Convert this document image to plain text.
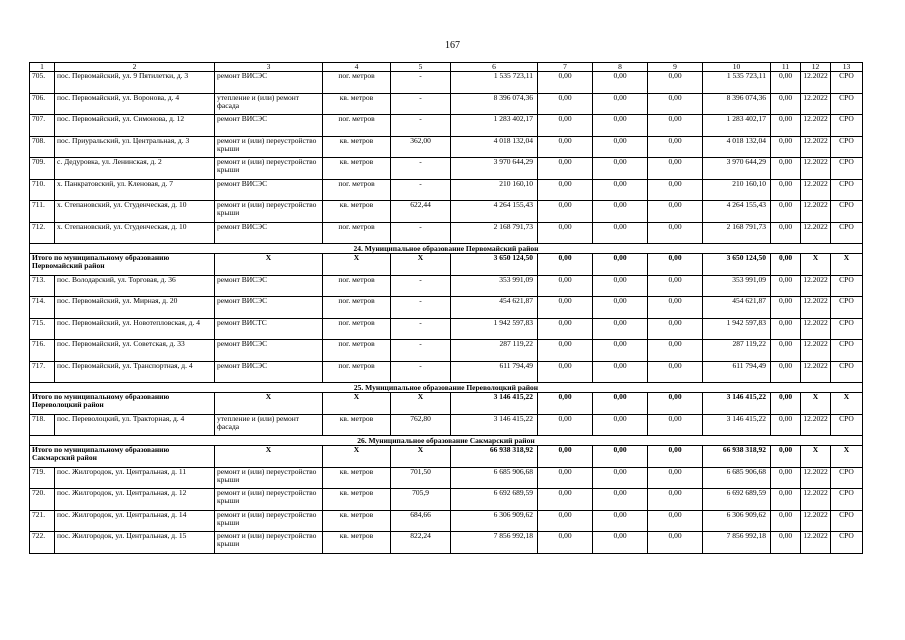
167
1	2	3	4	5	6	7	8	9	10	11	12	13
705.	пос. Первомайский, ул. 9 Пятилетки, д. 3	ремонт ВИСЭС	пог. метров	-	1 535 723,11	0,00	0,00	0,00	1 535 723,11	0,00	12.2022	СРО
706.	пос. Первомайский, ул. Воронова, д. 4	утепление и (или) ремонт фасада	кв. метров	-	8 396 074,36	0,00	0,00	0,00	8 396 074,36	0,00	12.2022	СРО
707.	пос. Первомайский, ул. Симонова, д. 12	ремонт ВИСЭС	пог. метров	-	1 283 402,17	0,00	0,00	0,00	1 283 402,17	0,00	12.2022	СРО
708.	пос. Приуральский, ул. Центральная, д. 3	ремонт и (или) переустройство крыши	кв. метров	362,00	4 018 132,04	0,00	0,00	0,00	4 018 132,04	0,00	12.2022	СРО
709.	с. Дедуровка, ул. Ленинская, д. 2	ремонт и (или) переустройство крыши	кв. метров	-	3 970 644,29	0,00	0,00	0,00	3 970 644,29	0,00	12.2022	СРО
710.	х. Панкратовский, ул. Кленовая, д. 7	ремонт ВИСЭС	пог. метров	-	210 160,10	0,00	0,00	0,00	210 160,10	0,00	12.2022	СРО
711.	х. Степановский, ул. Студенческая, д. 10	ремонт и (или) переустройство крыши	кв. метров	622,44	4 264 155,43	0,00	0,00	0,00	4 264 155,43	0,00	12.2022	СРО
712.	х. Степановский, ул. Студенческая, д. 10	ремонт ВИСЭС	пог. метров	-	2 168 791,73	0,00	0,00	0,00	2 168 791,73	0,00	12.2022	СРО
24. Муниципальное образование Первомайский район												
Итого по муниципальному образованию Первомайский район		X	X	X	3 650 124,50	0,00	0,00	0,00	3 650 124,50	0,00	X	X
713.	пос. Володарский, ул. Торговая, д. 36	ремонт ВИСЭС	пог. метров	-	353 991,09	0,00	0,00	0,00	353 991,09	0,00	12.2022	СРО
714.	пос. Первомайский, ул. Мирная, д. 20	ремонт ВИСЭС	пог. метров	-	454 621,87	0,00	0,00	0,00	454 621,87	0,00	12.2022	СРО
715.	пос. Первомайский, ул. Новотепловская, д. 4	ремонт ВИСТС	пог. метров	-	1 942 597,83	0,00	0,00	0,00	1 942 597,83	0,00	12.2022	СРО
716.	пос. Первомайский, ул. Советская, д. 33	ремонт ВИСЭС	пог. метров	-	287 119,22	0,00	0,00	0,00	287 119,22	0,00	12.2022	СРО
717.	пос. Первомайский, ул. Транспортная, д. 4	ремонт ВИСЭС	пог. метров	-	611 794,49	0,00	0,00	0,00	611 794,49	0,00	12.2022	СРО
25. Муниципальное образование Переволоцкий район												
Итого по муниципальному образованию Переволоцкий район		X	X	X	3 146 415,22	0,00	0,00	0,00	3 146 415,22	0,00	X	X
718.	пос. Переволоцкий, ул. Тракторная, д. 4	утепление и (или) ремонт фасада	кв. метров	762,80	3 146 415,22	0,00	0,00	0,00	3 146 415,22	0,00	12.2022	СРО
26. Муниципальное образование Сакмарский район												
Итого по муниципальному образованию Сакмарский район		X	X	X	66 938 318,92	0,00	0,00	0,00	66 938 318,92	0,00	X	X
719.	пос. Жилгородок, ул. Центральная, д. 11	ремонт и (или) переустройство крыши	кв. метров	701,50	6 685 906,68	0,00	0,00	0,00	6 685 906,68	0,00	12.2022	СРО
720.	пос. Жилгородок, ул. Центральная, д. 12	ремонт и (или) переустройство крыши	кв. метров	705,9	6 692 689,59	0,00	0,00	0,00	6 692 689,59	0,00	12.2022	СРО
721.	пос. Жилгородок, ул. Центральная, д. 14	ремонт и (или) переустройство крыши	кв. метров	684,66	6 306 909,62	0,00	0,00	0,00	6 306 909,62	0,00	12.2022	СРО
722.	пос. Жилгородок, ул. Центральная, д. 15	ремонт и (или) переустройство крыши	кв. метров	822,24	7 856 992,18	0,00	0,00	0,00	7 856 992,18	0,00	12.2022	СРО
